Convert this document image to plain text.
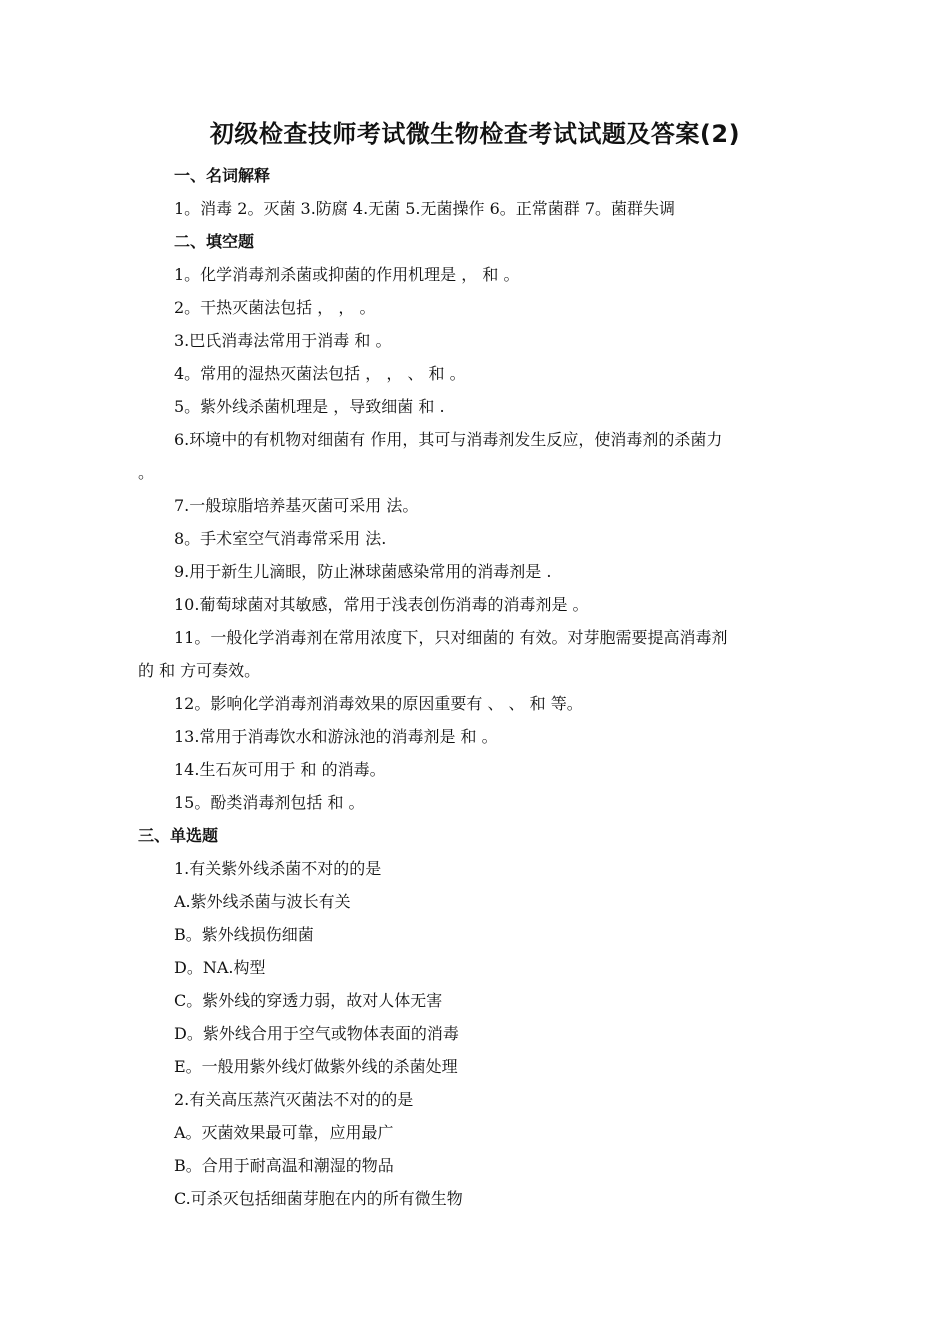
初级检查技师考试微生物检查考试试题及答案(2)
一、名词解释
1。消毒 2。灭菌 3.防腐 4.无菌 5.无菌操作 6。正常菌群 7。菌群失调
二、填空题
1。化学消毒剂杀菌或抑菌的作用机理是 ， 和 。
2。干热灭菌法包括 ， ， 。
3.巴氏消毒法常用于消毒 和 。
4。常用的湿热灭菌法包括 ， ， 、 和 。
5。紫外线杀菌机理是 ，导致细菌 和 .
6.环境中的有机物对细菌有 作用，其可与消毒剂发生反应，使消毒剂的杀菌力
。
7.一般琼脂培养基灭菌可采用 法。
8。手术室空气消毒常采用 法.
9.用于新生儿滴眼，防止淋球菌感染常用的消毒剂是 .
10.葡萄球菌对其敏感，常用于浅表创伤消毒的消毒剂是 。
11。一般化学消毒剂在常用浓度下，只对细菌的 有效。对芽胞需要提高消毒剂
的 和 方可奏效。
12。影响化学消毒剂消毒效果的原因重要有 、 、 和 等。
13.常用于消毒饮水和游泳池的消毒剂是 和 。
14.生石灰可用于 和 的消毒。
15。酚类消毒剂包括 和 。
三、单选题
1.有关紫外线杀菌不对的的是
A.紫外线杀菌与波长有关
B。紫外线损伤细菌
D。NA.构型
C。紫外线的穿透力弱，故对人体无害
D。紫外线合用于空气或物体表面的消毒
E。一般用紫外线灯做紫外线的杀菌处理
2.有关高压蒸汽灭菌法不对的的是
A。灭菌效果最可靠，应用最广
B。合用于耐高温和潮湿的物品
C.可杀灭包括细菌芽胞在内的所有微生物
